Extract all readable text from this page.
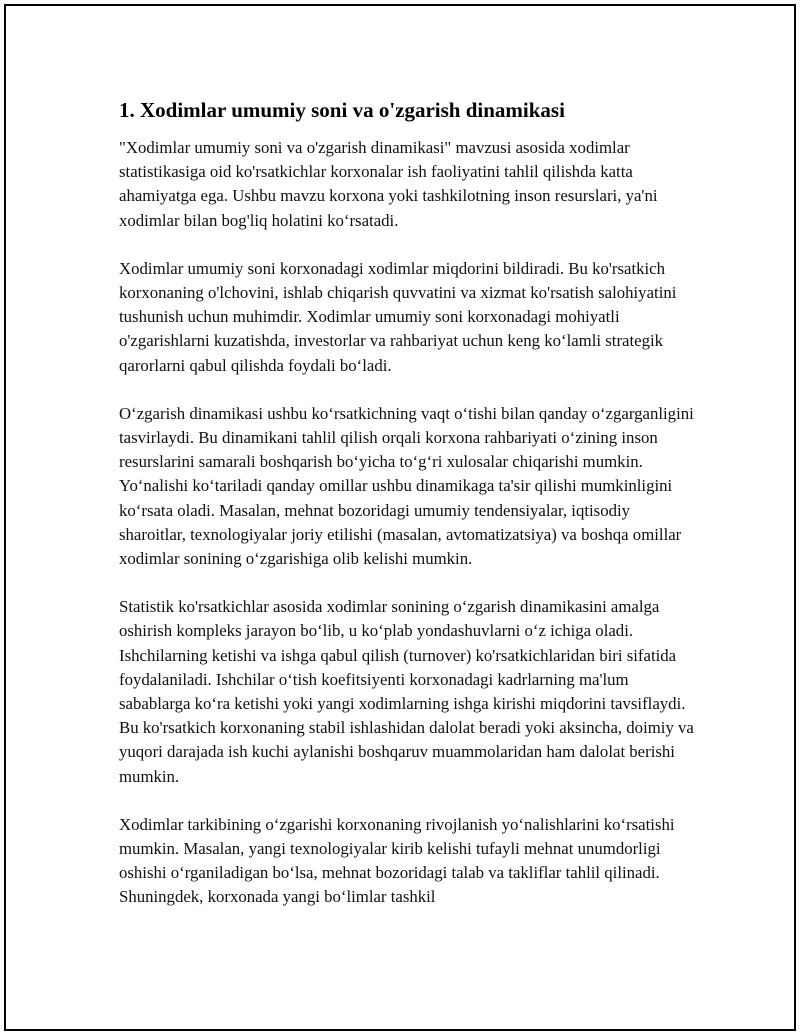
1. Xodimlar umumiy soni va o'zgarish dinamikasi

"Xodimlar umumiy soni va o'zgarish dinamikasi" mavzusi asosida xodimlar statistikasiga oid ko'rsatkichlar korxonalar ish faoliyatini tahlil qilishda katta ahamiyatga ega. Ushbu mavzu korxona yoki tashkilotning inson resurslari, ya'ni xodimlar bilan bog'liq holatini ko‘rsatadi.

Xodimlar umumiy soni korxonadagi xodimlar miqdorini bildiradi. Bu ko'rsatkich korxonaning o'lchovini, ishlab chiqarish quvvatini va xizmat ko'rsatish salohiyatini tushunish uchun muhimdir. Xodimlar umumiy soni korxonadagi mohiyatli o'zgarishlarni kuzatishda, investorlar va rahbariyat uchun keng ko‘lamli strategik qarorlarni qabul qilishda foydali bo‘ladi.

O‘zgarish dinamikasi ushbu ko‘rsatkichning vaqt o‘tishi bilan qanday o‘zgarganligini tasvirlaydi. Bu dinamikani tahlil qilish orqali korxona rahbariyati o‘zining inson resurslarini samarali boshqarish bo‘yicha to‘g‘ri xulosalar chiqarishi mumkin. Yo‘nalishi ko‘tariladi qanday omillar ushbu dinamikaga ta'sir qilishi mumkinligini ko‘rsata oladi. Masalan, mehnat bozoridagi umumiy tendensiyalar, iqtisodiy sharoitlar, texnologiyalar joriy etilishi (masalan, avtomatizatsiya) va boshqa omillar xodimlar sonining o‘zgarishiga olib kelishi mumkin.

Statistik ko'rsatkichlar asosida xodimlar sonining o‘zgarish dinamikasini amalga oshirish kompleks jarayon bo‘lib, u ko‘plab yondashuvlarni o‘z ichiga oladi. Ishchilarning ketishi va ishga qabul qilish (turnover) ko'rsatkichlaridan biri sifatida foydalaniladi. Ishchilar o‘tish koefitsiyenti korxonadagi kadrlarning ma'lum sabablarga ko‘ra ketishi yoki yangi xodimlarning ishga kirishi miqdorini tavsiflaydi. Bu ko'rsatkich korxonaning stabil ishlashidan dalolat beradi yoki aksincha, doimiy va yuqori darajada ish kuchi aylanishi boshqaruv muammolaridan ham dalolat berishi mumkin.

Xodimlar tarkibining o‘zgarishi korxonaning rivojlanish yo‘nalishlarini ko‘rsatishi mumkin. Masalan, yangi texnologiyalar kirib kelishi tufayli mehnat unumdorligi oshishi o‘rganiladigan bo‘lsa, mehnat bozoridagi talab va takliflar tahlil qilinadi. Shuningdek, korxonada yangi bo‘limlar tashkil
